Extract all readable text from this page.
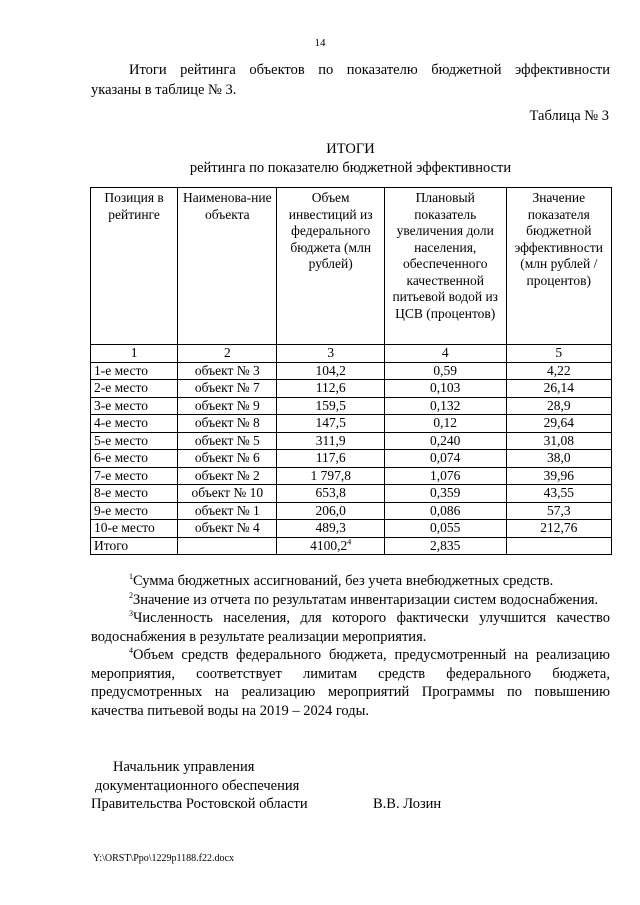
14
Итоги рейтинга объектов по показателю бюджетной эффективности
указаны в таблице № 3.
Таблица № 3
ИТОГИ
рейтинга по показателю бюджетной эффективности
Позиция в рейтинге	Наименова-ние объекта	Объем инвестиций из федерального бюджета (млн рублей)	Плановый показатель увеличения доли населения, обеспеченного качественной питьевой водой из ЦСВ (процентов)	Значение показателя бюджетной эффективности (млн рублей / процентов)
1	2	3	4	5
1-е место	объект № 3	104,2	0,59	4,22
2-е место	объект № 7	112,6	0,103	26,14
3-е место	объект № 9	159,5	0,132	28,9
4-е место	объект № 8	147,5	0,12	29,64
5-е место	объект № 5	311,9	0,240	31,08
6-е место	объект № 6	117,6	0,074	38,0
7-е место	объект № 2	1 797,8	1,076	39,96
8-е место	объект № 10	653,8	0,359	43,55
9-е место	объект № 1	206,0	0,086	57,3
10-е место	объект № 4	489,3	0,055	212,76
Итого		4100,2$^4$	2,835	

$^1$Сумма бюджетных ассигнований, без учета внебюджетных средств.

$^2$Значение из отчета по результатам инвентаризации систем водоснабжения.

$^3$Численность населения, для которого фактически улучшится качество водоснабжения в результате реализации мероприятия.

$^4$Объем средств федерального бюджета, предусмотренный на реализацию мероприятия, соответствует лимитам средств федерального бюджета, предусмотренных на реализацию мероприятий Программы по повышению качества питьевой воды на 2019 – 2024 годы.

Начальник управления
документационного обеспечения
Правительства Ростовской области	В.В. Лозин
Y:\ORST\Ppo\1229p1188.f22.docx
